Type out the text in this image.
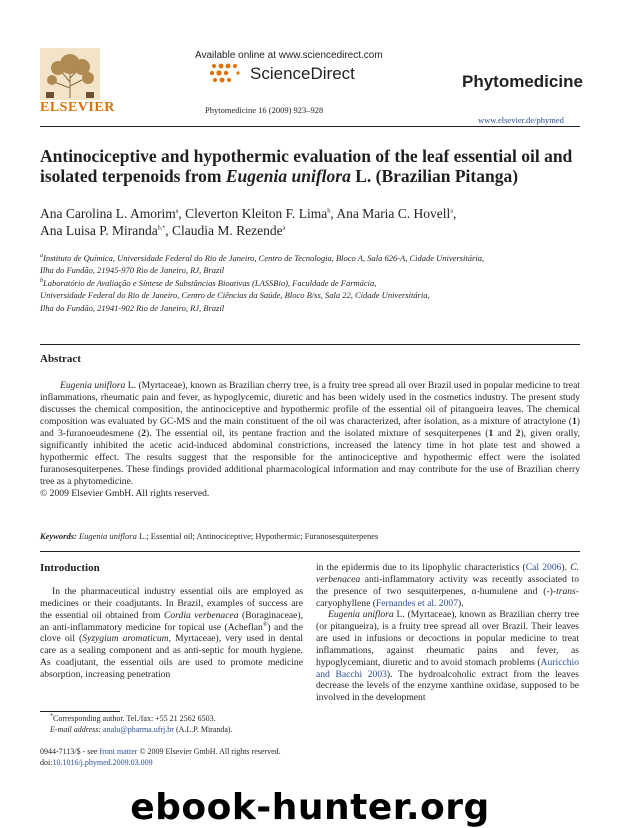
ELSEVIER
Available online at www.sciencedirect.com
ScienceDirect
Phytomedicine 16 (2009) 923–928
Phytomedicine
www.elsevier.de/phymed
Antinociceptive and hypothermic evaluation of the leaf essential oil and isolated terpenoids from Eugenia uniflora L. (Brazilian Pitanga)
Ana Carolina L. Amorim$^a$, Cleverton Kleiton F. Lima$^b$, Ana Maria C. Hovell$^a$,
Ana Luisa P. Miranda$^{b,*}$, Claudia M. Rezende$^a$
$^a$Instituto de Química, Universidade Federal do Rio de Janeiro, Centro de Tecnologia, Bloco A, Sala 626-A, Cidade Universitária,
Ilha do Fundão, 21945-970 Rio de Janeiro, RJ, Brazil
$^b$Laboratório de Avaliação e Síntese de Substâncias Bioativas (LASSBio), Faculdade de Farmácia,
Universidade Federal do Rio de Janeiro, Centro de Ciências da Saúde, Bloco B/ss, Sala 22, Cidade Universitária,
Ilha do Fundão, 21941-902 Rio de Janeiro, RJ, Brazil
Abstract
Eugenia uniflora L. (Myrtaceae), known as Brazilian cherry tree, is a fruity tree spread all over Brazil used in popular medicine to treat inflammations, rheumatic pain and fever, as hypoglycemic, diuretic and has been widely used in the cosmetics industry. The present study discusses the chemical composition, the antinociceptive and hypothermic profile of the essential oil of pitangueira leaves. The chemical composition was evaluated by GC-MS and the main constituent of the oil was characterized, after isolation, as a mixture of atractylone (1) and 3-furanoeudesmene (2). The essential oil, its pentane fraction and the isolated mixture of sesquiterpenes (1 and 2), given orally, significantly inhibited the acetic acid-induced abdominal constrictions, increased the latency time in hot plate test and showed a hypothermic effect. The results suggest that the responsible for the antinociceptive and hypothermic effect were the isolated furanosesquiterpenes. These findings provided additional pharmacological information and may contribute for the use of Brazilian cherry tree as a phytomedicine.
© 2009 Elsevier GmbH. All rights reserved.
Keywords: Eugenia uniflora L.; Essential oil; Antinociceptive; Hypothermic; Furanosesquiterpenes
Introduction

In the pharmaceutical industry essential oils are employed as medicines or their coadjutants. In Brazil, examples of success are the essential oil obtained from Cordia verbenacea (Boraginaceae), an anti-inflammatory medicine for topical use (Acheflan®) and the clove oil (Syzygium aromaticum, Myrtaceae), very used in dental care as a sealing component and as anti-septic for mouth hygiene. As coadjutant, the essential oils are used to promote medicine absorption, increasing penetration

in the epidermis due to its lipophylic characteristics (Cal 2006). C. verbenacea anti-inflammatory activity was recently associated to the presence of two sesquiterpenes, α-humulene and (-)-trans-caryophyllene (Fernandes et al. 2007).

Eugenia uniflora L. (Myrtaceae), known as Brazilian cherry tree (or pitangueira), is a fruity tree spread all over Brazil. Their leaves are used in infusions or decoctions in popular medicine to treat inflammations, against rheumatic pains and fever, as hypoglycemiant, diuretic and to avoid stomach problems (Auricchio and Bacchi 2003). The hydroalcoholic extract from the leaves decrease the levels of the enzyme xanthine oxidase, supposed to be involved in the development

*Corresponding author. Tel./fax: +55 21 2562 6503.
E-mail address: analu@pharma.ufrj.br (A.L.P. Miranda).
0944-7113/$ - see front matter © 2009 Elsevier GmbH. All rights reserved.
doi:10.1016/j.phymed.2009.03.009
ebook-hunter.org
